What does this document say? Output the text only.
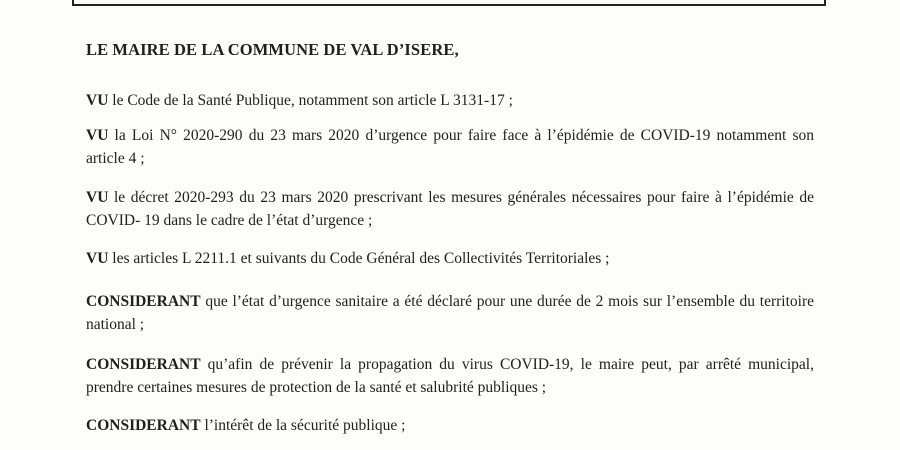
LE MAIRE DE LA COMMUNE DE VAL D’ISERE,

VU le Code de la Santé Publique, notamment son article L 3131-17 ;

VU la Loi N° 2020-290 du 23 mars 2020 d’urgence pour faire face à l’épidémie de COVID-19 notamment son article 4 ;

VU le décret 2020-293 du 23 mars 2020 prescrivant les mesures générales nécessaires pour faire à l’épidémie de COVID- 19 dans le cadre de l’état d’urgence ;

VU les articles L 2211.1 et suivants du Code Général des Collectivités Territoriales ;

CONSIDERANT que l’état d’urgence sanitaire a été déclaré pour une durée de 2 mois sur l’ensemble du territoire national ;

CONSIDERANT qu’afin de prévenir la propagation du virus COVID-19, le maire peut, par arrêté municipal, prendre certaines mesures de protection de la santé et salubrité publiques ;

CONSIDERANT l’intérêt de la sécurité publique ;
